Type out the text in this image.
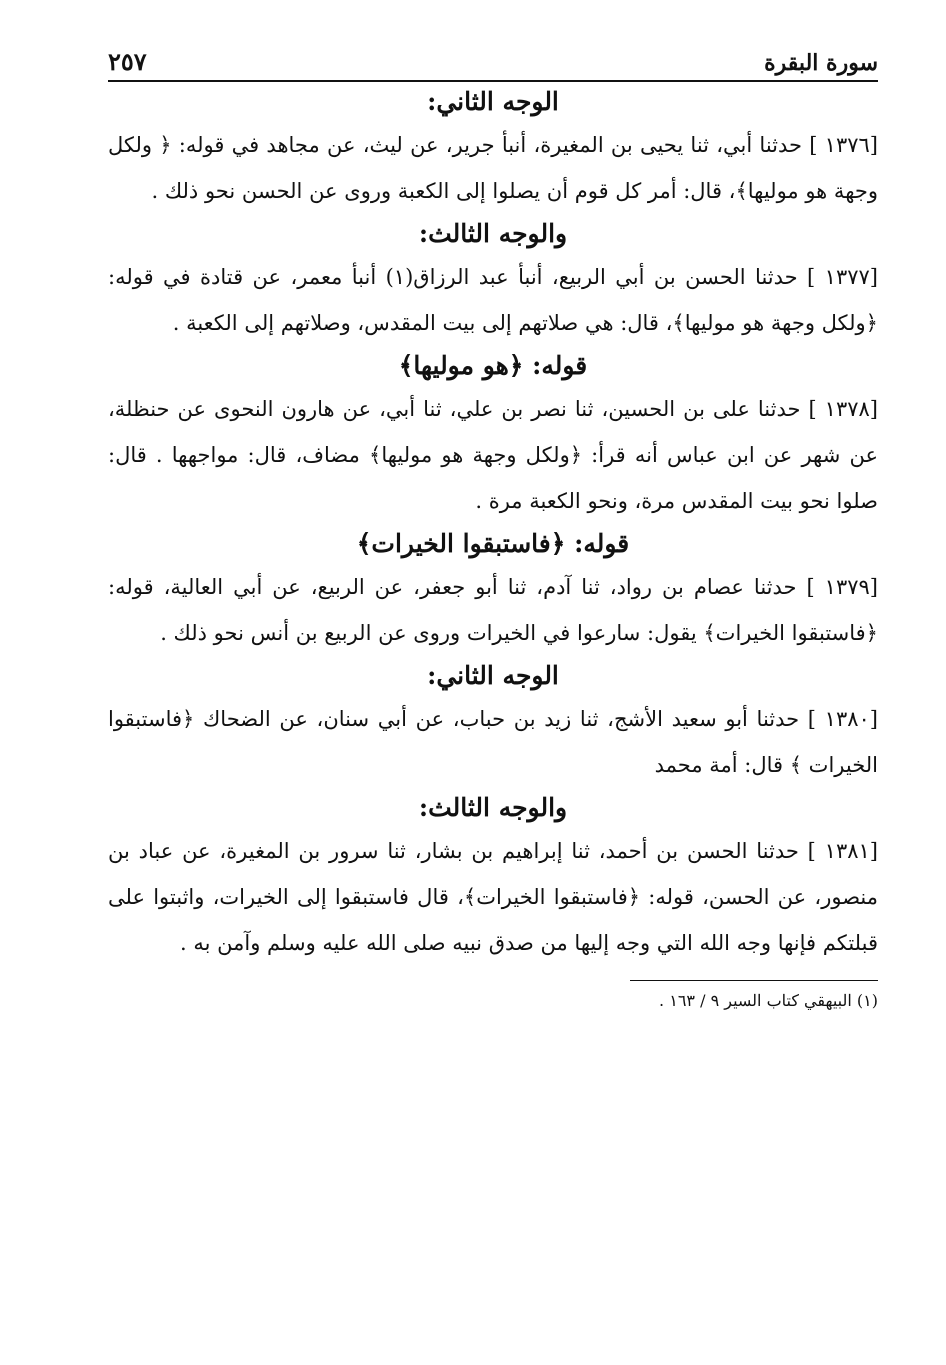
سورة البقرة
٢٥٧
الوجه الثاني:

[١٣٧٦ ] حدثنا أبي، ثنا يحيى بن المغيرة، أنبأ جرير، عن ليث، عن مجاهد في قوله: ﴿ ولكل وجهة هو موليها﴾، قال: أمر كل قوم أن يصلوا إلى الكعبة وروى عن الحسن نحو ذلك .

والوجه الثالث:

[١٣٧٧ ] حدثنا الحسن بن أبي الربيع، أنبأ عبد الرزاق(١) أنبأ معمر، عن قتادة في قوله: ﴿ولكل وجهة هو موليها﴾، قال: هي صلاتهم إلى بيت المقدس، وصلاتهم إلى الكعبة .

قوله: ﴿هو موليها﴾

[١٣٧٨ ] حدثنا على بن الحسين، ثنا نصر بن علي، ثنا أبي، عن هارون النحوى عن حنظلة، عن شهر عن ابن عباس أنه قرأ: ﴿ولكل وجهة هو موليها﴾ مضاف، قال: مواجهها . قال: صلوا نحو بيت المقدس مرة، ونحو الكعبة مرة .

قوله: ﴿فاستبقوا الخيرات﴾

[١٣٧٩ ] حدثنا عصام بن رواد، ثنا آدم، ثنا أبو جعفر، عن الربيع، عن أبي العالية، قوله: ﴿فاستبقوا الخيرات﴾ يقول: سارعوا في الخيرات وروى عن الربيع بن أنس نحو ذلك .

الوجه الثاني:

[١٣٨٠ ] حدثنا أبو سعيد الأشج، ثنا زيد بن حباب، عن أبي سنان، عن الضحاك ﴿فاستبقوا الخيرات ﴾ قال: أمة محمد

والوجه الثالث:

[١٣٨١ ] حدثنا الحسن بن أحمد، ثنا إبراهيم بن بشار، ثنا سرور بن المغيرة، عن عباد بن منصور، عن الحسن، قوله: ﴿فاستبقوا الخيرات﴾، قال فاستبقوا إلى الخيرات، واثبتوا على قبلتكم فإنها وجه الله التي وجه إليها من صدق نبيه صلى الله عليه وسلم وآمن به .

(١) البيهقي كتاب السير ٩ / ١٦٣ .
